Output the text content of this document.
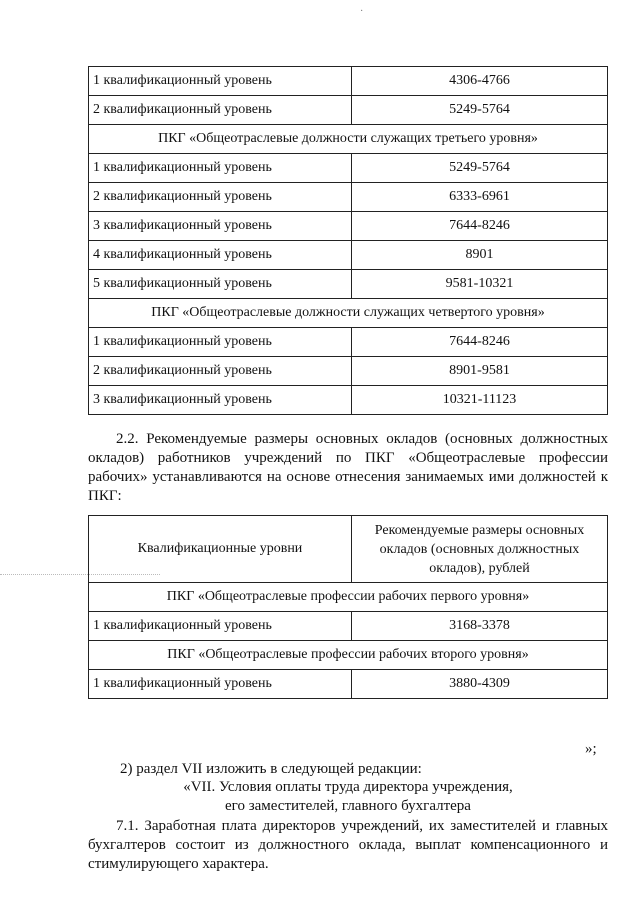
·
1 квалификационный уровень	4306-4766
2 квалификационный уровень	5249-5764
ПКГ «Общеотраслевые должности служащих третьего уровня»	
1 квалификационный уровень	5249-5764
2 квалификационный уровень	6333-6961
3 квалификационный уровень	7644-8246
4 квалификационный уровень	8901
5 квалификационный уровень	9581-10321
ПКГ «Общеотраслевые должности служащих четвертого уровня»	
1 квалификационный уровень	7644-8246
2 квалификационный уровень	8901-9581
3 квалификационный уровень	10321-11123

2.2. Рекомендуемые размеры основных окладов (основных должностных окладов) работников учреждений по ПКГ «Общеотраслевые профессии рабочих» устанавливаются на основе отнесения занимаемых ими должностей к ПКГ:

Квалификационные уровни	Рекомендуемые размеры основных окладов (основных должностных окладов), рублей
ПКГ «Общеотраслевые профессии рабочих первого уровня»	
1 квалификационный уровень	3168-3378
ПКГ «Общеотраслевые профессии рабочих второго уровня»	
1 квалификационный уровень	3880-4309
»;

2) раздел VII изложить в следующей редакции:

«VII. Условия оплаты труда директора учреждения,
его заместителей, главного бухгалтера

7.1. Заработная плата директоров учреждений, их заместителей и главных бухгалтеров состоит из должностного оклада, выплат компенсационного и стимулирующего характера.
